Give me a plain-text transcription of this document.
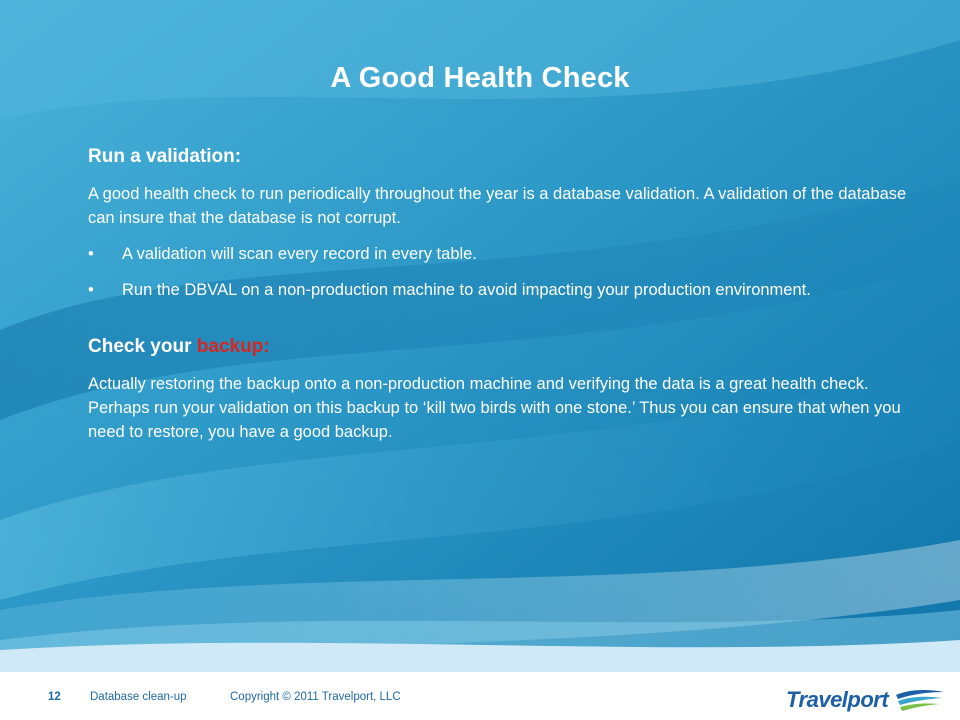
A Good Health Check
Run a validation:

A good health check to run periodically throughout the year is a database validation. A validation of the database can insure that the database is not corrupt.

• A validation will scan every record in every table.
• Run the DBVAL on a non-production machine to avoid impacting your production environment.
Check your backup:

Actually restoring the backup onto a non-production machine and verifying the data is a great health check. Perhaps run your validation on this backup to ‘kill two birds with one stone.’ Thus you can ensure that when you need to restore, you have a good backup.

12	Database clean-up	Copyright © 2011 Travelport, LLC	Travelport
